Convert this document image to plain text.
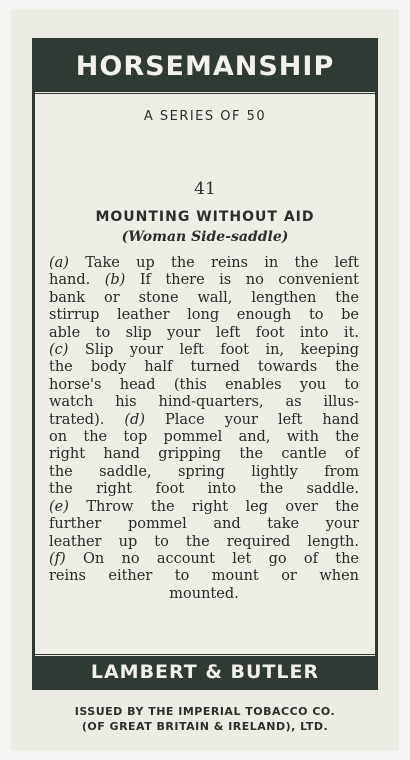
HORSEMANSHIP
A SERIES OF 50
41
MOUNTING WITHOUT AID
(Woman Side-saddle)
(a) Take up the reins in the left
hand. (b) If there is no convenient
bank or stone wall, lengthen the
stirrup leather long enough to be
able to slip your left foot into it.
(c) Slip your left foot in, keeping
the body half turned towards the
horse's head (this enables you to
watch his hind-quarters, as illus-
trated). (d) Place your left hand
on the top pommel and, with the
right hand gripping the cantle of
the saddle, spring lightly from
the right foot into the saddle.
(e) Throw the right leg over the
further pommel and take your
leather up to the required length.
(f) On no account let go of the
reins either to mount or when
mounted.
LAMBERT & BUTLER
ISSUED BY THE IMPERIAL TOBACCO CO.
(OF GREAT BRITAIN & IRELAND), LTD.
